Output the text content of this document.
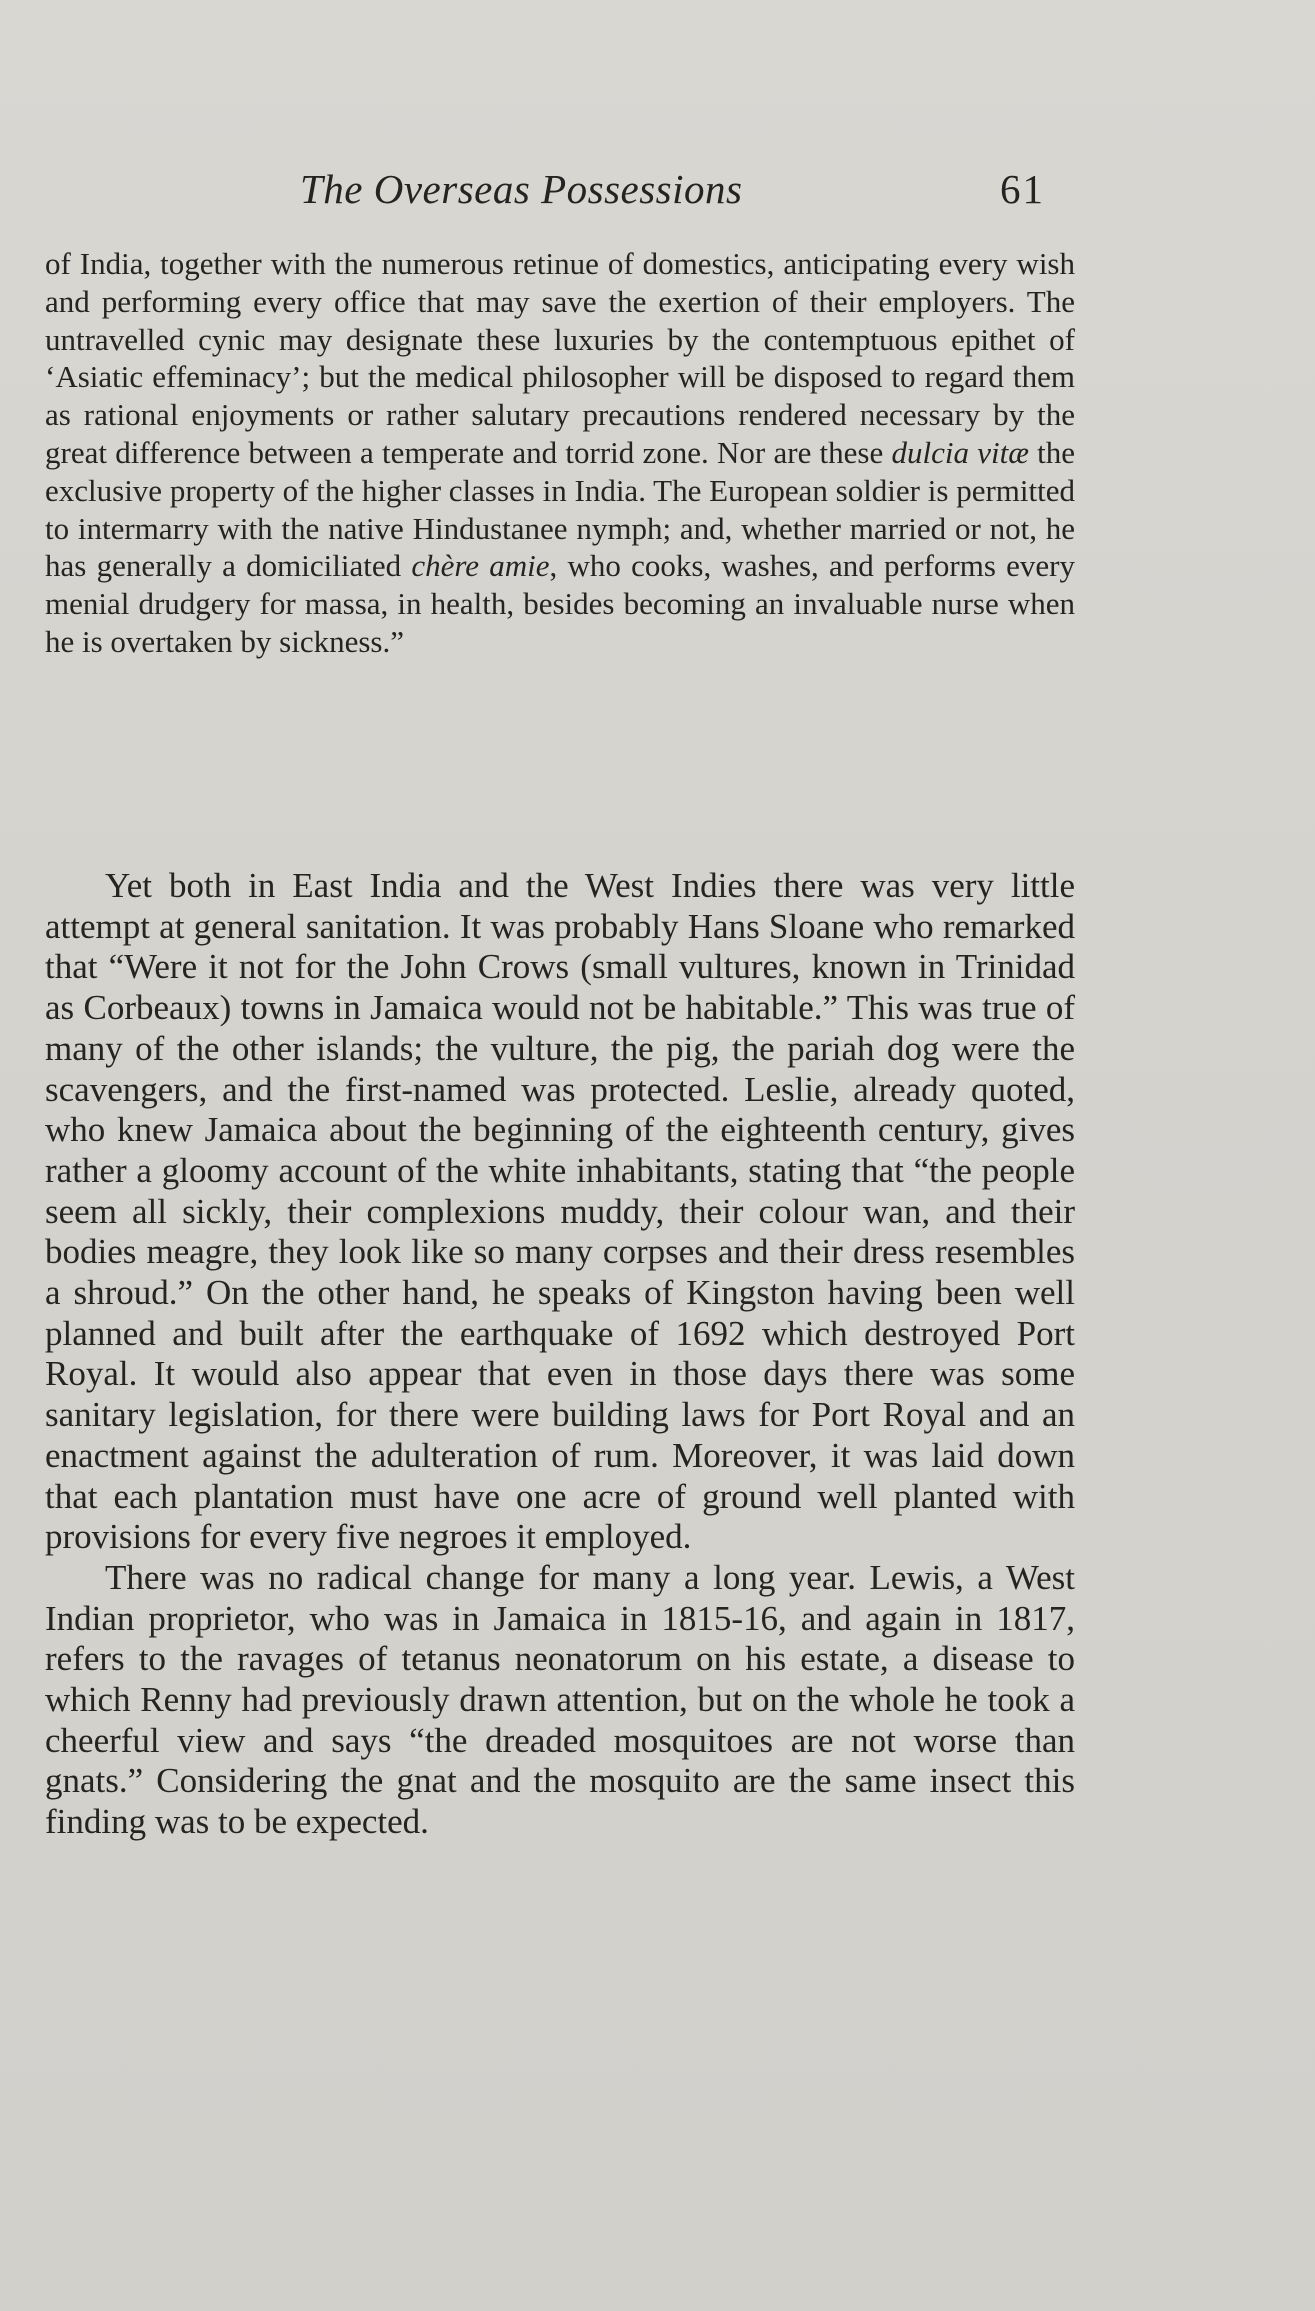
The Overseas Possessions	61

of India, together with the numerous retinue of domestics, anticipating every wish and performing every office that may save the exertion of their employers. The untravelled cynic may designate these luxuries by the contemptuous epithet of ‘Asiatic effeminacy’; but the medical philosopher will be disposed to regard them as rational enjoyments or rather salutary precautions rendered necessary by the great difference between a temperate and torrid zone. Nor are these dulcia vitæ the exclusive property of the higher classes in India. The European soldier is permitted to intermarry with the native Hindustanee nymph; and, whether married or not, he has generally a domiciliated chère amie, who cooks, washes, and performs every menial drudgery for massa, in health, besides becoming an invaluable nurse when he is overtaken by sickness.”

Yet both in East India and the West Indies there was very little attempt at general sanitation. It was probably Hans Sloane who remarked that “Were it not for the John Crows (small vultures, known in Trinidad as Corbeaux) towns in Jamaica would not be habitable.” This was true of many of the other islands; the vulture, the pig, the pariah dog were the scavengers, and the first-named was protected. Leslie, already quoted, who knew Jamaica about the beginning of the eighteenth century, gives rather a gloomy account of the white inhabitants, stating that “the people seem all sickly, their complexions muddy, their colour wan, and their bodies meagre, they look like so many corpses and their dress resembles a shroud.” On the other hand, he speaks of Kingston having been well planned and built after the earthquake of 1692 which destroyed Port Royal. It would also appear that even in those days there was some sanitary legislation, for there were building laws for Port Royal and an enactment against the adulteration of rum. Moreover, it was laid down that each plantation must have one acre of ground well planted with provisions for every five negroes it employed.

There was no radical change for many a long year. Lewis, a West Indian proprietor, who was in Jamaica in 1815-16, and again in 1817, refers to the ravages of tetanus neonatorum on his estate, a disease to which Renny had previously drawn attention, but on the whole he took a cheerful view and says “the dreaded mosquitoes are not worse than gnats.” Considering the gnat and the mosquito are the same insect this finding was to be expected.
